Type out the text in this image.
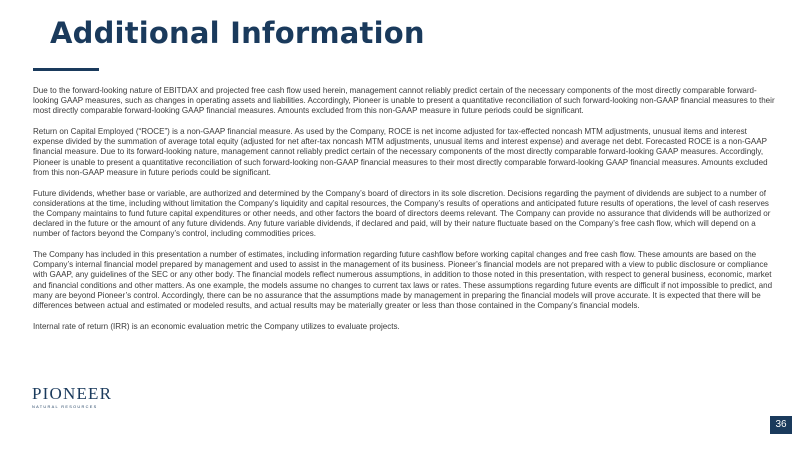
Additional Information

Due to the forward-looking nature of EBITDAX and projected free cash flow used herein, management cannot reliably predict certain of the necessary components of the most directly comparable forward-looking GAAP measures, such as changes in operating assets and liabilities. Accordingly, Pioneer is unable to present a quantitative reconciliation of such forward-looking non-GAAP financial measures to their most directly comparable forward-looking GAAP financial measures. Amounts excluded from this non-GAAP measure in future periods could be significant.

Return on Capital Employed (“ROCE”) is a non-GAAP financial measure. As used by the Company, ROCE is net income adjusted for tax-effected noncash MTM adjustments, unusual items and interest expense divided by the summation of average total equity (adjusted for net after-tax noncash MTM adjustments, unusual items and interest expense) and average net debt. Forecasted ROCE is a non-GAAP financial measure. Due to its forward-looking nature, management cannot reliably predict certain of the necessary components of the most directly comparable forward-looking GAAP measures. Accordingly, Pioneer is unable to present a quantitative reconciliation of such forward-looking non-GAAP financial measures to their most directly comparable forward-looking GAAP financial measures. Amounts excluded from this non-GAAP measure in future periods could be significant.

Future dividends, whether base or variable, are authorized and determined by the Company’s board of directors in its sole discretion. Decisions regarding the payment of dividends are subject to a number of considerations at the time, including without limitation the Company’s liquidity and capital resources, the Company’s results of operations and anticipated future results of operations, the level of cash reserves the Company maintains to fund future capital expenditures or other needs, and other factors the board of directors deems relevant. The Company can provide no assurance that dividends will be authorized or declared in the future or the amount of any future dividends. Any future variable dividends, if declared and paid, will by their nature fluctuate based on the Company’s free cash flow, which will depend on a number of factors beyond the Company’s control, including commodities prices.

The Company has included in this presentation a number of estimates, including information regarding future cashflow before working capital changes and free cash flow. These amounts are based on the Company’s internal financial model prepared by management and used to assist in the management of its business. Pioneer’s financial models are not prepared with a view to public disclosure or compliance with GAAP, any guidelines of the SEC or any other body. The financial models reflect numerous assumptions, in addition to those noted in this presentation, with respect to general business, economic, market and financial conditions and other matters. As one example, the models assume no changes to current tax laws or rates. These assumptions regarding future events are difficult if not impossible to predict, and many are beyond Pioneer’s control. Accordingly, there can be no assurance that the assumptions made by management in preparing the financial models will prove accurate. It is expected that there will be differences between actual and estimated or modeled results, and actual results may be materially greater or less than those contained in the Company’s financial models.

Internal rate of return (IRR) is an economic evaluation metric the Company utilizes to evaluate projects.

PIONEER
NATURAL RESOURCES
36
